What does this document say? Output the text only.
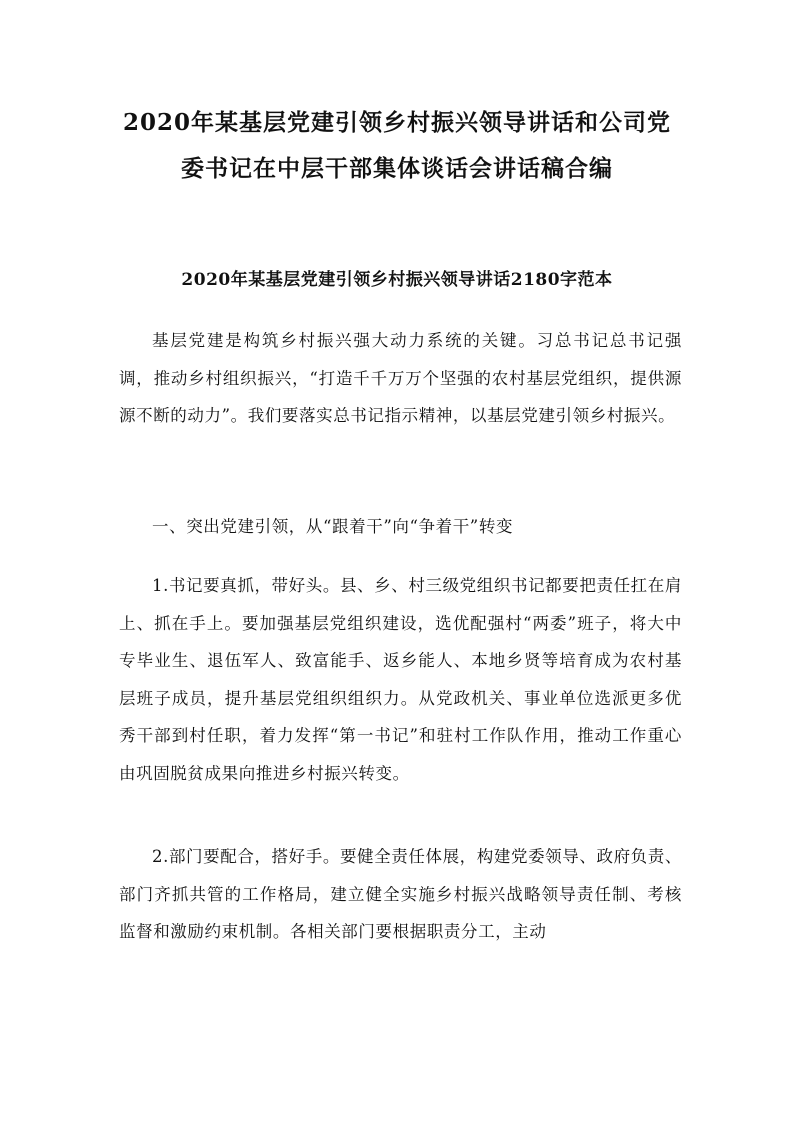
2020年某基层党建引领乡村振兴领导讲话和公司党
委书记在中层干部集体谈话会讲话稿合编
2020年某基层党建引领乡村振兴领导讲话2180字范本
基层党建是构筑乡村振兴强大动力系统的关键。习总书记总书记强调，推动乡村组织振兴，“打造千千万万个坚强的农村基层党组织，提供源源不断的动力”。我们要落实总书记指示精神，以基层党建引领乡村振兴。
一、突出党建引领，从“跟着干”向“争着干”转变
1.书记要真抓，带好头。县、乡、村三级党组织书记都要把责任扛在肩上、抓在手上。要加强基层党组织建设，选优配强村“两委”班子，将大中专毕业生、退伍军人、致富能手、返乡能人、本地乡贤等培育成为农村基层班子成员，提升基层党组织组织力。从党政机关、事业单位选派更多优秀干部到村任职，着力发挥“第一书记”和驻村工作队作用，推动工作重心由巩固脱贫成果向推进乡村振兴转变。
2.部门要配合，搭好手。要健全责任体展，构建党委领导、政府负责、部门齐抓共管的工作格局，建立健全实施乡村振兴战略领导责任制、考核监督和激励约束机制。各相关部门要根据职责分工，主动
